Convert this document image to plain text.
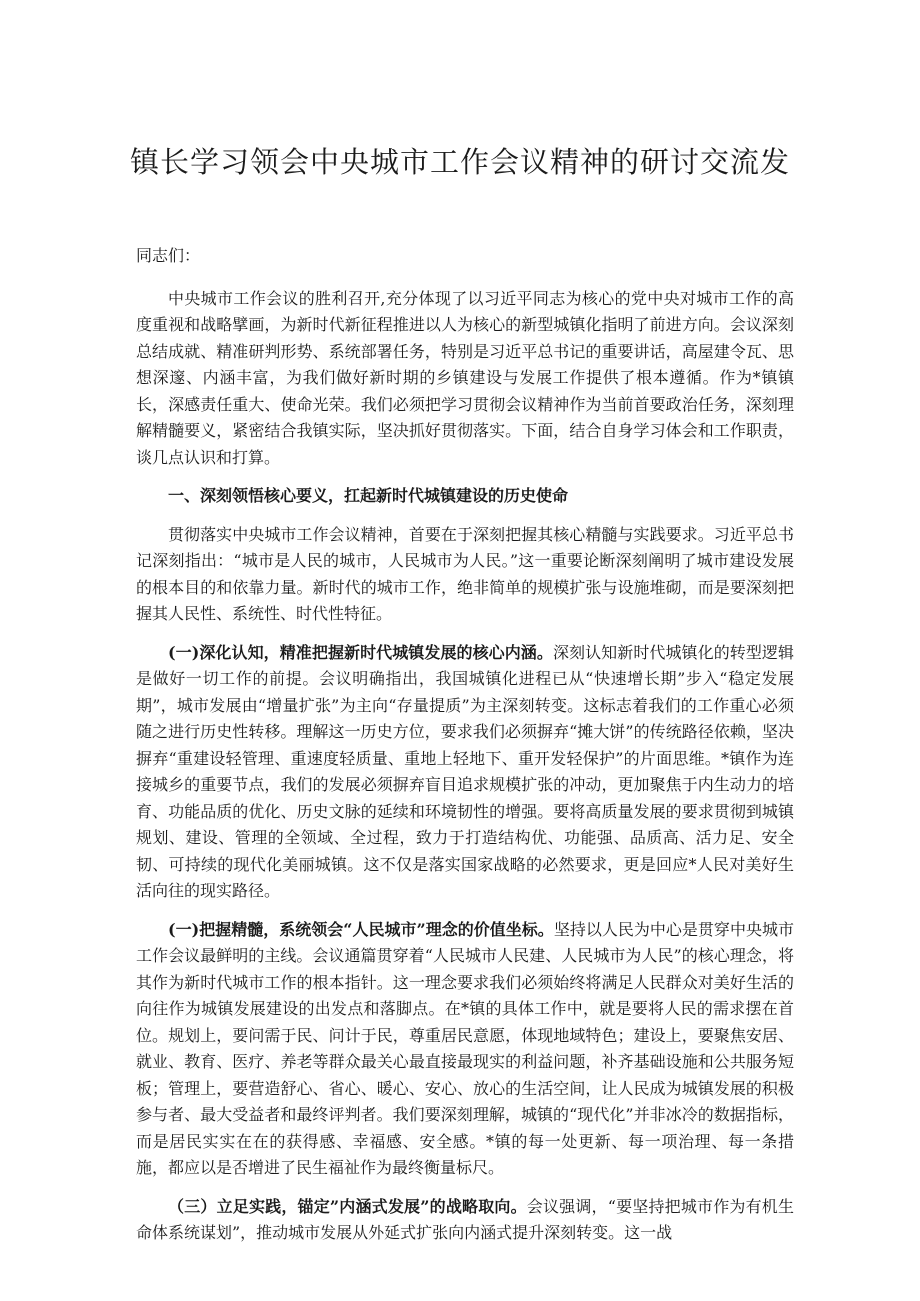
镇长学习领会中央城市工作会议精神的研讨交流发

同志们：

中央城市工作会议的胜利召开,充分体现了以习近平同志为核心的党中央对城市工作的高度重视和战略擘画，为新时代新征程推进以人为核心的新型城镇化指明了前进方向。会议深刻总结成就、精准研判形势、系统部署任务，特别是习近平总书记的重要讲话，高屋建令瓦、思想深邃、内涵丰富，为我们做好新时期的乡镇建设与发展工作提供了根本遵循。作为*镇镇长，深感责任重大、使命光荣。我们必须把学习贯彻会议精神作为当前首要政治任务，深刻理解精髓要义，紧密结合我镇实际，坚决抓好贯彻落实。下面，结合自身学习体会和工作职责，谈几点认识和打算。

一、深刻领悟核心要义，扛起新时代城镇建设的历史使命

贯彻落实中央城市工作会议精神，首要在于深刻把握其核心精髓与实践要求。习近平总书记深刻指出：“城市是人民的城市，人民城市为人民。”这一重要论断深刻阐明了城市建设发展的根本目的和依靠力量。新时代的城市工作，绝非简单的规模扩张与设施堆砌，而是要深刻把握其人民性、系统性、时代性特征。

(一)深化认知，精准把握新时代城镇发展的核心内涵。深刻认知新时代城镇化的转型逻辑是做好一切工作的前提。会议明确指出，我国城镇化进程已从“快速增长期”步入“稳定发展期”，城市发展由“增量扩张”为主向“存量提质”为主深刻转变。这标志着我们的工作重心必须随之进行历史性转移。理解这一历史方位，要求我们必须摒弃“摊大饼”的传统路径依赖，坚决摒弃“重建设轻管理、重速度轻质量、重地上轻地下、重开发轻保护”的片面思维。*镇作为连接城乡的重要节点，我们的发展必须摒弃盲目追求规模扩张的冲动，更加聚焦于内生动力的培育、功能品质的优化、历史文脉的延续和环境韧性的增强。要将高质量发展的要求贯彻到城镇规划、建设、管理的全领域、全过程，致力于打造结构优、功能强、品质高、活力足、安全韧、可持续的现代化美丽城镇。这不仅是落实国家战略的必然要求，更是回应*人民对美好生活向往的现实路径。

(一)把握精髓，系统领会“人民城市”理念的价值坐标。坚持以人民为中心是贯穿中央城市工作会议最鲜明的主线。会议通篇贯穿着“人民城市人民建、人民城市为人民”的核心理念，将其作为新时代城市工作的根本指针。这一理念要求我们必须始终将满足人民群众对美好生活的向往作为城镇发展建设的出发点和落脚点。在*镇的具体工作中，就是要将人民的需求摆在首位。规划上，要问需于民、问计于民，尊重居民意愿，体现地域特色；建设上，要聚焦安居、就业、教育、医疗、养老等群众最关心最直接最现实的利益问题，补齐基础设施和公共服务短板；管理上，要营造舒心、省心、暖心、安心、放心的生活空间，让人民成为城镇发展的积极参与者、最大受益者和最终评判者。我们要深刻理解，城镇的“现代化”并非冰冷的数据指标，而是居民实实在在的获得感、幸福感、安全感。*镇的每一处更新、每一项治理、每一条措施，都应以是否增进了民生福祉作为最终衡量标尺。

（三）立足实践，锚定”内涵式发展”的战略取向。会议强调，“要坚持把城市作为有机生命体系统谋划”，推动城市发展从外延式扩张向内涵式提升深刻转变。这一战
